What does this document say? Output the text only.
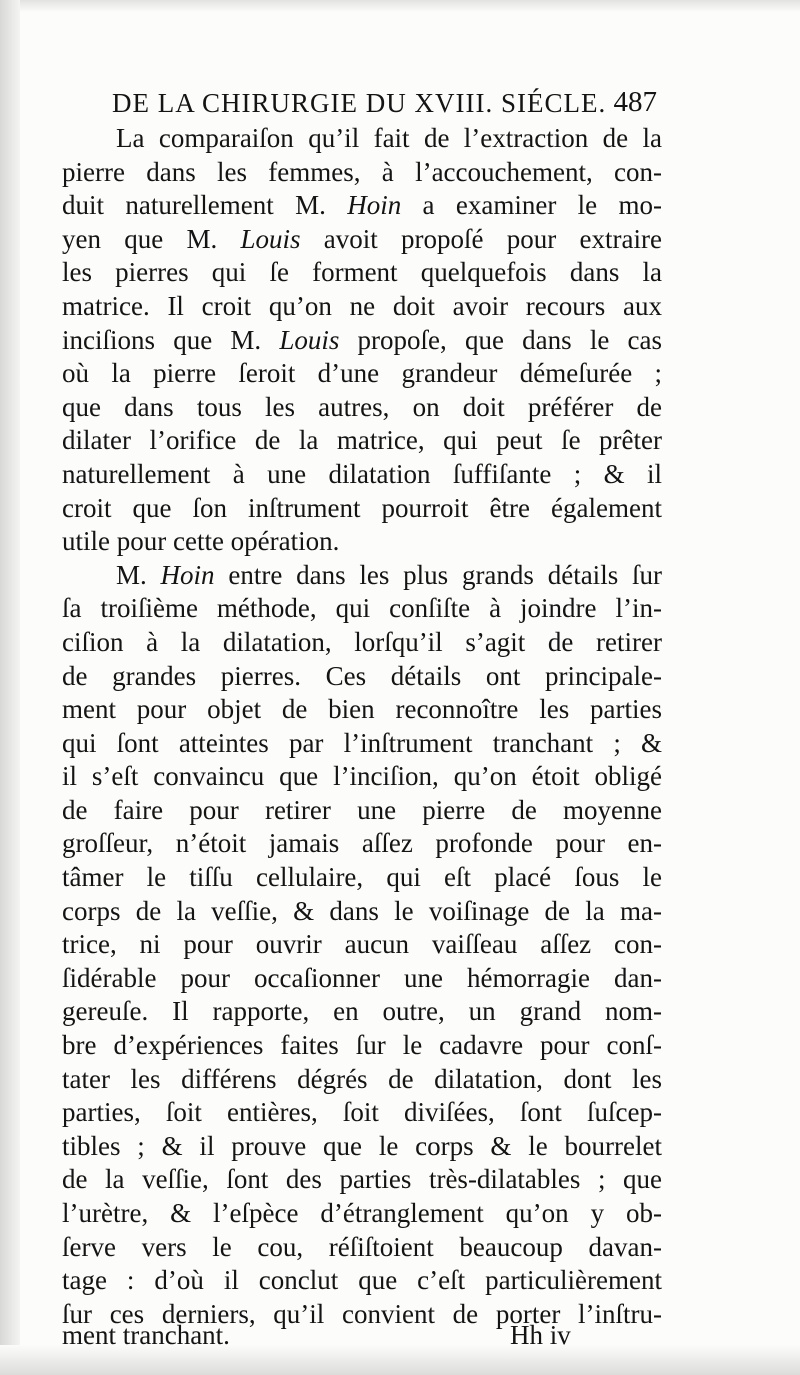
DE LA CHIRURGIE DU XVIII. SIÉCLE. 487
La comparaiſon qu’il fait de l’extraction de la
pierre dans les femmes, à l’accouchement, con-
duit naturellement M. Hoin a examiner le mo-
yen que M. Louis avoit propoſé pour extraire
les pierres qui ſe forment quelquefois dans la
matrice. Il croit qu’on ne doit avoir recours aux
inciſions que M. Louis propoſe, que dans le cas
où la pierre ſeroit d’une grandeur démeſurée ;
que dans tous les autres, on doit préférer de
dilater l’orifice de la matrice, qui peut ſe prêter
naturellement à une dilatation ſuffiſante ; & il
croit que ſon inſtrument pourroit être également
utile pour cette opération.
M. Hoin entre dans les plus grands détails ſur
ſa troiſième méthode, qui conſiſte à joindre l’in-
ciſion à la dilatation, lorſqu’il s’agit de retirer
de grandes pierres. Ces détails ont principale-
ment pour objet de bien reconnoître les parties
qui ſont atteintes par l’inſtrument tranchant ; &
il s’eſt convaincu que l’inciſion, qu’on étoit obligé
de faire pour retirer une pierre de moyenne
groſſeur, n’étoit jamais aſſez profonde pour en-
tâmer le tiſſu cellulaire, qui eſt placé ſous le
corps de la veſſie, & dans le voiſinage de la ma-
trice, ni pour ouvrir aucun vaiſſeau aſſez con-
ſidérable pour occaſionner une hémorragie dan-
gereuſe. Il rapporte, en outre, un grand nom-
bre d’expériences faites ſur le cadavre pour conſ-
tater les différens dégrés de dilatation, dont les
parties, ſoit entières, ſoit diviſées, ſont ſuſcep-
tibles ; & il prouve que le corps & le bourrelet
de la veſſie, ſont des parties très-dilatables ; que
l’urètre, & l’eſpèce d’étranglement qu’on y ob-
ſerve vers le cou, réſiſtoient beaucoup davan-
tage : d’où il conclut que c’eſt particulièrement
ſur ces derniers, qu’il convient de porter l’inſtru-
ment tranchant.	Hh iv
